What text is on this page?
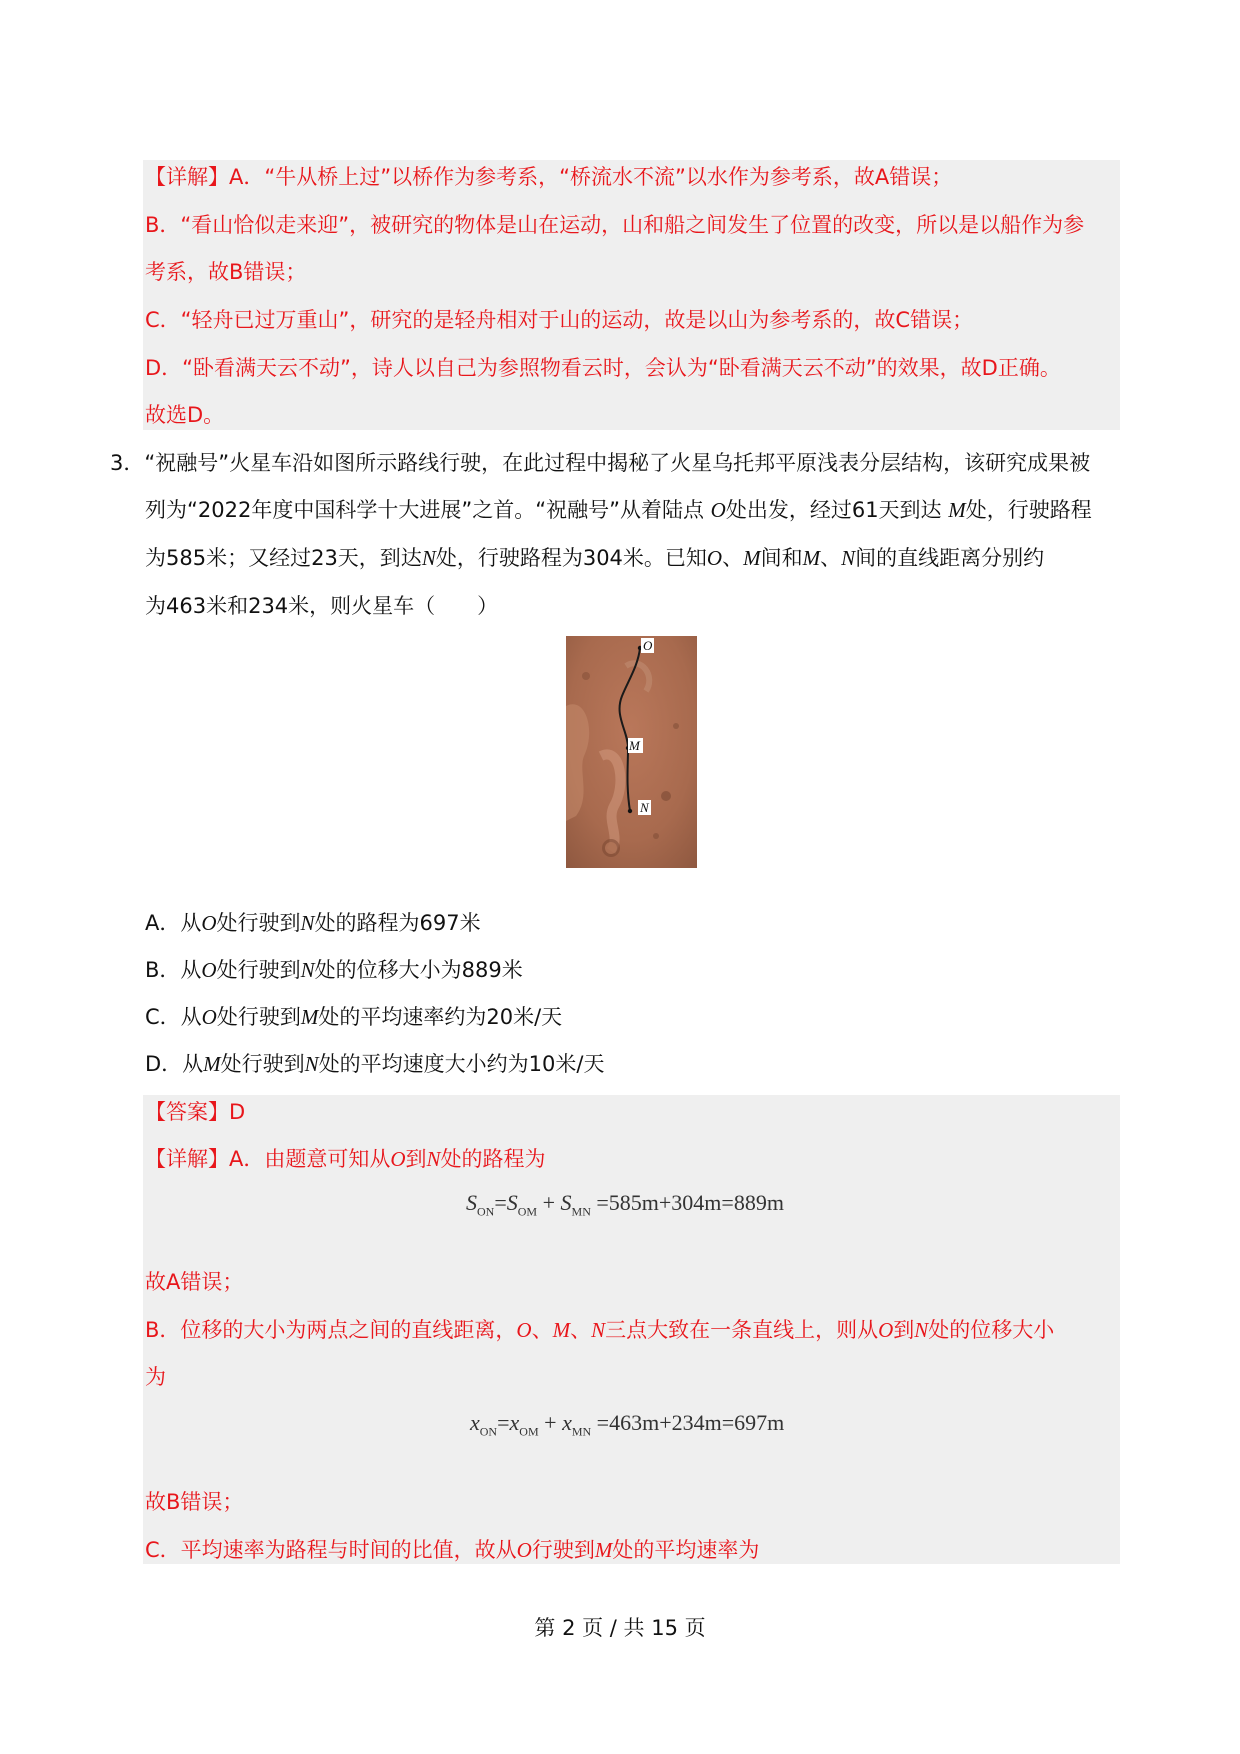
【详解】A．“牛从桥上过”以桥作为参考系，“桥流水不流”以水作为参考系，故A错误；
B．“看山恰似走来迎”，被研究的物体是山在运动，山和船之间发生了位置的改变，所以是以船作为参
考系，故B错误；
C．“轻舟已过万重山”，研究的是轻舟相对于山的运动，故是以山为参考系的，故C错误；
D．“卧看满天云不动”，诗人以自己为参照物看云时，会认为“卧看满天云不动”的效果，故D正确。
故选D。
3．“祝融号”火星车沿如图所示路线行驶，在此过程中揭秘了火星乌托邦平原浅表分层结构，该研究成果被
列为“2022年度中国科学十大进展”之首。“祝融号”从着陆点 O处出发，经过61天到达 M处，行驶路程
为585米；又经过23天，到达N处，行驶路程为304米。已知O、M间和M、N间的直线距离分别约
为463米和234米，则火星车（　　）
O
M
N
A．从O处行驶到N处的路程为697米
B．从O处行驶到N处的位移大小为889米
C．从O处行驶到M处的平均速率约为20米/天
D．从M处行驶到N处的平均速度大小约为10米/天
【答案】D
【详解】A．由题意可知从O到N处的路程为
$S_{ON}=S_{OM} + S_{MN} =585m+304m=889m$
故A错误；
B．位移的大小为两点之间的直线距离，O、M、N三点大致在一条直线上，则从O到N处的位移大小
为
$x_{ON}=x_{OM} + x_{MN} =463m+234m=697m$
故B错误；
C．平均速率为路程与时间的比值，故从O行驶到M处的平均速率为
第 2 页 / 共 15 页
